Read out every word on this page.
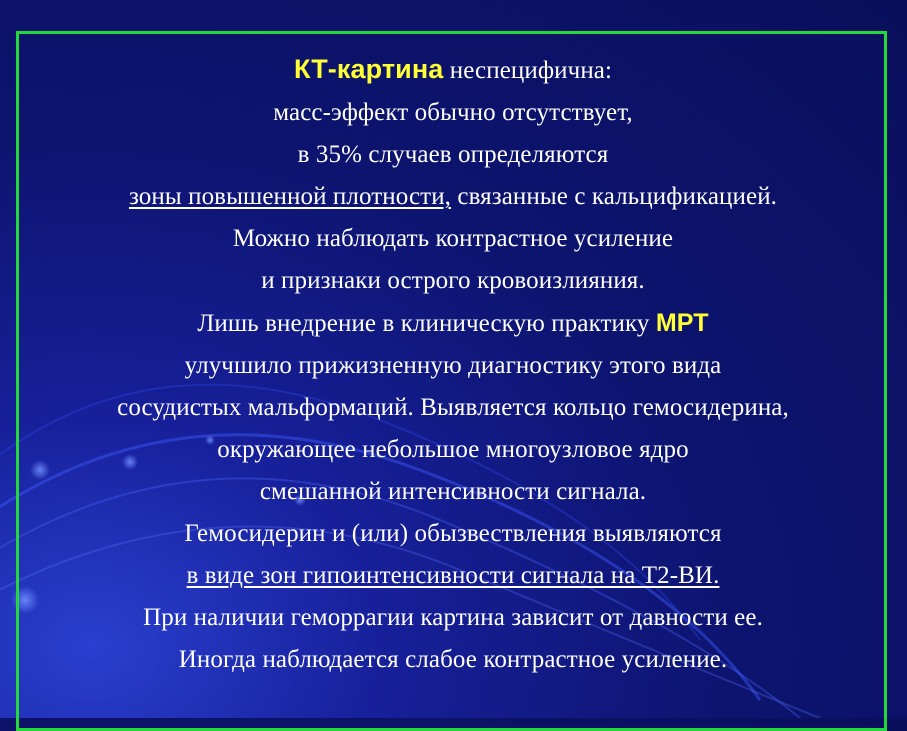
КТ-картина неспецифична:
масс-эффект обычно отсутствует,
в 35% случаев определяются
зоны повышенной плотности, связанные с кальцификацией.
Можно наблюдать контрастное усиление
и признаки острого кровоизлияния.
Лишь внедрение в клиническую практику МРТ
улучшило прижизненную диагностику этого вида
сосудистых мальформаций. Выявляется кольцо гемосидерина,
окружающее небольшое многоузловое ядро
смешанной интенсивности сигнала.
Гемосидерин и (или) обызвествления выявляются
в виде зон гипоинтенсивности сигнала на Т2-ВИ.
При наличии геморрагии картина зависит от давности ее.
Иногда наблюдается слабое контрастное усиление.
